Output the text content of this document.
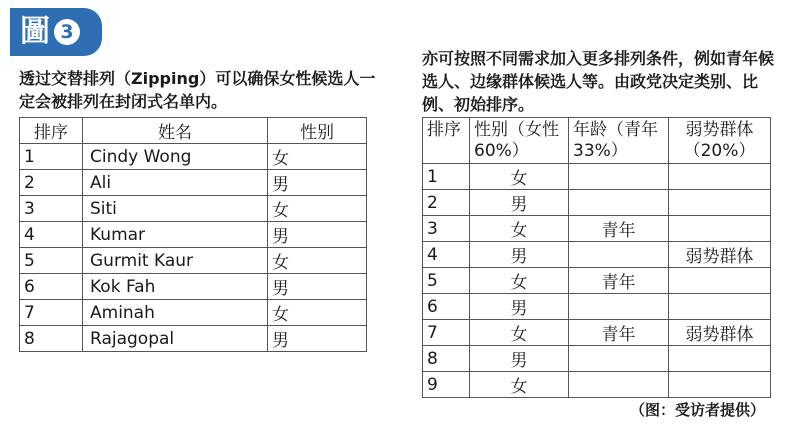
圖 3

透过交替排列（Zipping）可以确保女性候选人一定会被排列在封闭式名单内。

亦可按照不同需求加入更多排列条件，例如青年候选人、边缘群体候选人等。由政党决定类别、比例、初始排序。

排序	姓名	性别
1	Cindy Wong	女
2	Ali	男
3	Siti	女
4	Kumar	男
5	Gurmit Kaur	女
6	Kok Fah	男
7	Aminah	女
8	Rajagopal	男
排序	性别（女性60%）	年龄（青年33%）	弱势群体（20%）
1	女		
2	男		
3	女	青年	
4	男		弱势群体
5	女	青年	
6	男		
7	女	青年	弱势群体
8	男		
9	女		
（图：受访者提供）
